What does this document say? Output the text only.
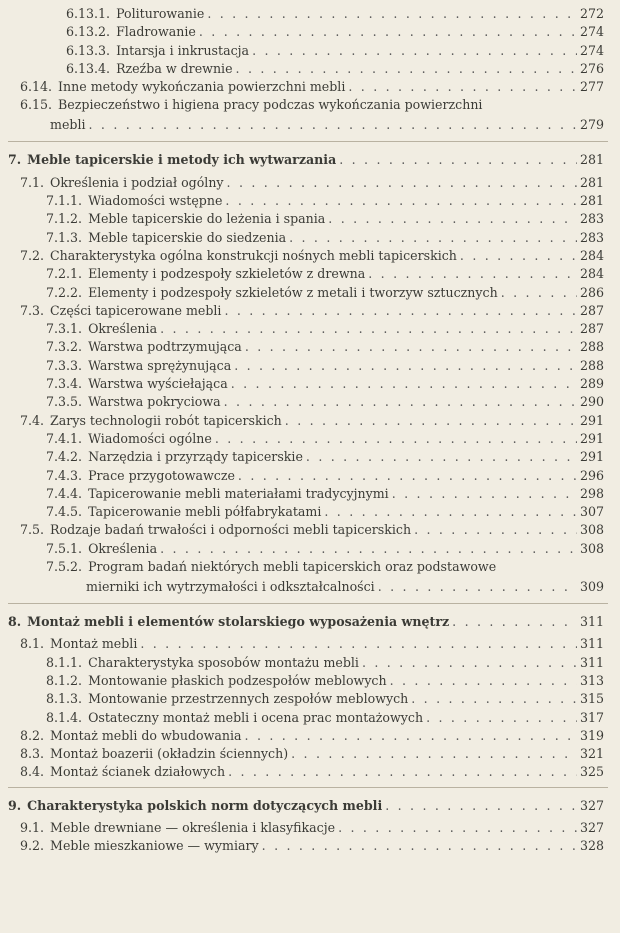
6.13.1. Politurowanie . . .	272
6.13.2. Fladrowanie . . .	274
6.13.3. Intarsja i inkrustacja . . .	274
6.13.4. Rzeźba w drewnie . . .	276
6.14. Inne metody wykończania powierzchni mebli . . .	277
6.15. Bezpieczeństwo i higiena pracy podczas wykończania powierzchni
mebli . . .	279
7. Meble tapicerskie i metody ich wytwarzania . . .	281
7.1. Określenia i podział ogólny . . .	281
7.1.1. Wiadomości wstępne . . .	281
7.1.2. Meble tapicerskie do leżenia i spania . . .	283
7.1.3. Meble tapicerskie do siedzenia . . .	283
7.2. Charakterystyka ogólna konstrukcji nośnych mebli tapicerskich . . .	284
7.2.1. Elementy i podzespoły szkieletów z drewna . . .	284
7.2.2. Elementy i podzespoły szkieletów z metali i tworzyw sztucznych . . .	286
7.3. Części tapicerowane mebli . . .	287
7.3.1. Określenia . . .	287
7.3.2. Warstwa podtrzymująca . . .	288
7.3.3. Warstwa sprężynująca . . .	288
7.3.4. Warstwa wyściełająca . . .	289
7.3.5. Warstwa pokryciowa . . .	290
7.4. Zarys technologii robót tapicerskich . . .	291
7.4.1. Wiadomości ogólne . . .	291
7.4.2. Narzędzia i przyrządy tapicerskie . . .	291
7.4.3. Prace przygotowawcze . . .	296
7.4.4. Tapicerowanie mebli materiałami tradycyjnymi . . .	298
7.4.5. Tapicerowanie mebli półfabrykatami . . .	307
7.5. Rodzaje badań trwałości i odporności mebli tapicerskich . . .	308
7.5.1. Określenia . . .	308
7.5.2. Program badań niektórych mebli tapicerskich oraz podstawowe
mierniki ich wytrzymałości i odkształcalności . . .	309
8. Montaż mebli i elementów stolarskiego wyposażenia wnętrz . . .	311
8.1. Montaż mebli . . .	311
8.1.1. Charakterystyka sposobów montażu mebli . . .	311
8.1.2. Montowanie płaskich podzespołów meblowych . . .	313
8.1.3. Montowanie przestrzennych zespołów meblowych . . .	315
8.1.4. Ostateczny montaż mebli i ocena prac montażowych . . .	317
8.2. Montaż mebli do wbudowania . . .	319
8.3. Montaż boazerii (okładzin ściennych) . . .	321
8.4. Montaż ścianek działowych . . .	325
9. Charakterystyka polskich norm dotyczących mebli . . .	327
9.1. Meble drewniane — określenia i klasyfikacje . . .	327
9.2. Meble mieszkaniowe — wymiary . . .	328
